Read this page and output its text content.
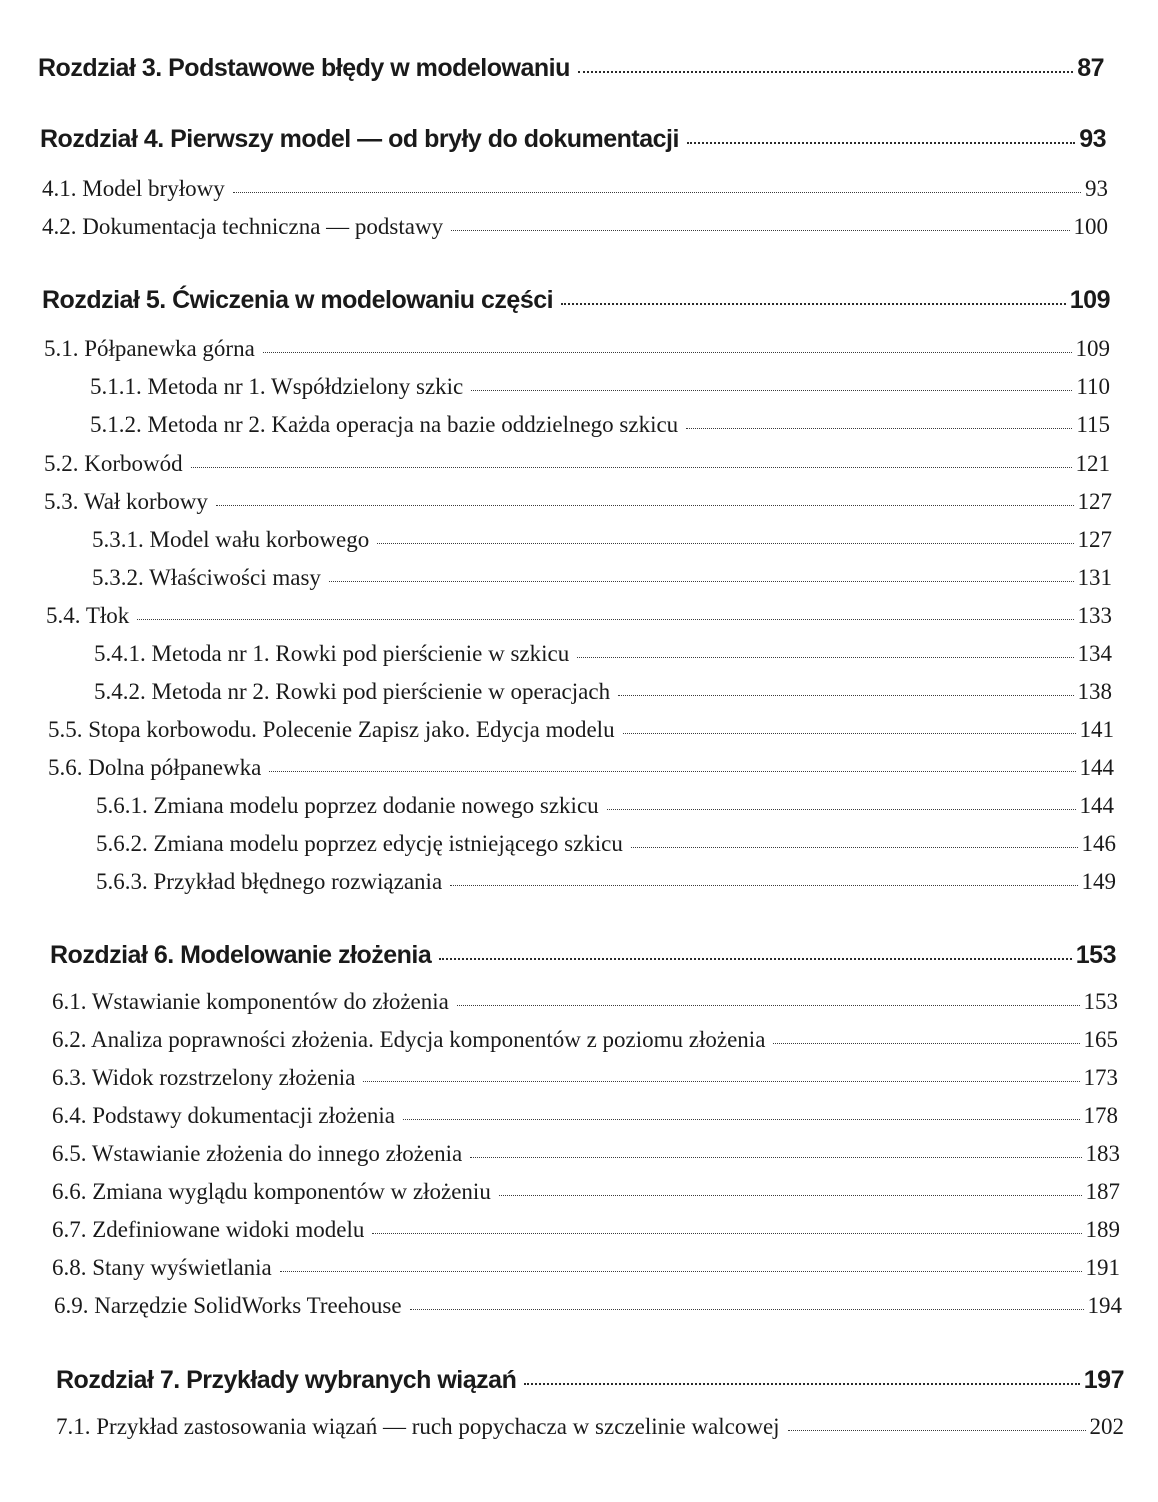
Rozdział 3. Podstawowe błędy w modelowaniu	87
Rozdział 4. Pierwszy model — od bryły do dokumentacji	93
4.1. Model bryłowy	93
4.2. Dokumentacja techniczna — podstawy	100
Rozdział 5. Ćwiczenia w modelowaniu części	109
5.1. Półpanewka górna	109
5.1.1. Metoda nr 1. Współdzielony szkic	110
5.1.2. Metoda nr 2. Każda operacja na bazie oddzielnego szkicu	115
5.2. Korbowód	121
5.3. Wał korbowy	127
5.3.1. Model wału korbowego	127
5.3.2. Właściwości masy	131
5.4. Tłok	133
5.4.1. Metoda nr 1. Rowki pod pierścienie w szkicu	134
5.4.2. Metoda nr 2. Rowki pod pierścienie w operacjach	138
5.5. Stopa korbowodu. Polecenie Zapisz jako. Edycja modelu	141
5.6. Dolna półpanewka	144
5.6.1. Zmiana modelu poprzez dodanie nowego szkicu	144
5.6.2. Zmiana modelu poprzez edycję istniejącego szkicu	146
5.6.3. Przykład błędnego rozwiązania	149
Rozdział 6. Modelowanie złożenia	153
6.1. Wstawianie komponentów do złożenia	153
6.2. Analiza poprawności złożenia. Edycja komponentów z poziomu złożenia	165
6.3. Widok rozstrzelony złożenia	173
6.4. Podstawy dokumentacji złożenia	178
6.5. Wstawianie złożenia do innego złożenia	183
6.6. Zmiana wyglądu komponentów w złożeniu	187
6.7. Zdefiniowane widoki modelu	189
6.8. Stany wyświetlania	191
6.9. Narzędzie SolidWorks Treehouse	194
Rozdział 7. Przykłady wybranych wiązań	197
7.1. Przykład zastosowania wiązań — ruch popychacza w szczelinie walcowej	202
